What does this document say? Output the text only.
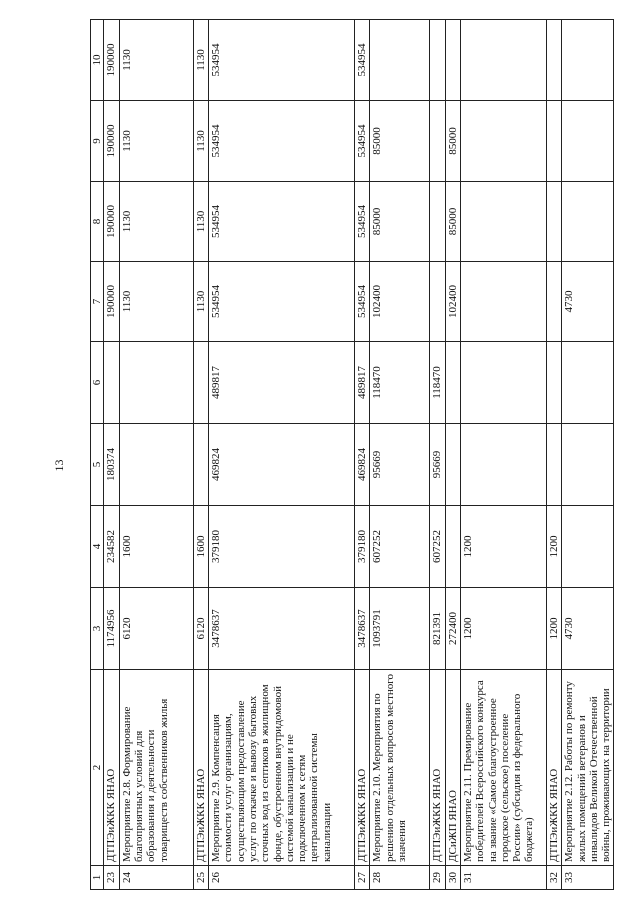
13
1	2	3	4	5	6	7	8	9	10
23	ДТПЭиЖКК ЯНАО	1174956	234582	180374		190000	190000	190000	190000
24	Мероприятие 2.8. Формирование благоприятных условий для образования и деятельности товариществ собственников жилья	6120	1600			1130	1130	1130	1130
25	ДТПЭиЖКК ЯНАО	6120	1600			1130	1130	1130	1130
26	Мероприятие 2.9. Компенсация стоимости услуг организациям, осуществляющим предоставление услуг по откачке и вывозу бытовых сточных вод из септиков в жилищном фонде, обустроенном внутридомовой системой канализации и не подключенном к сетям централизованной системы канализации	3478637	379180	469824	489817	534954	534954	534954	534954
27	ДТПЭиЖКК ЯНАО	3478637	379180	469824	489817	534954	534954	534954	534954
28	Мероприятие 2.10. Мероприятия по решению отдельных вопросов местного значения	1093791	607252	95669	118470	102400	85000	85000	
29	ДТПЭиЖКК ЯНАО	821391	607252	95669	118470				
30	ДСиЖП ЯНАО	272400				102400	85000	85000	
31	Мероприятие 2.11. Премирование победителей Всероссийского конкурса на звание «Самое благоустроенное городское (сельское) поселение России» (субсидия из федерального бюджета)	1200	1200						
32	ДТПЭиЖКК ЯНАО	1200	1200						
33	Мероприятие 2.12. Работы по ремонту жилых помещений ветеранов и инвалидов Великой Отечественной войны, проживающих на территории	4730				4730			
